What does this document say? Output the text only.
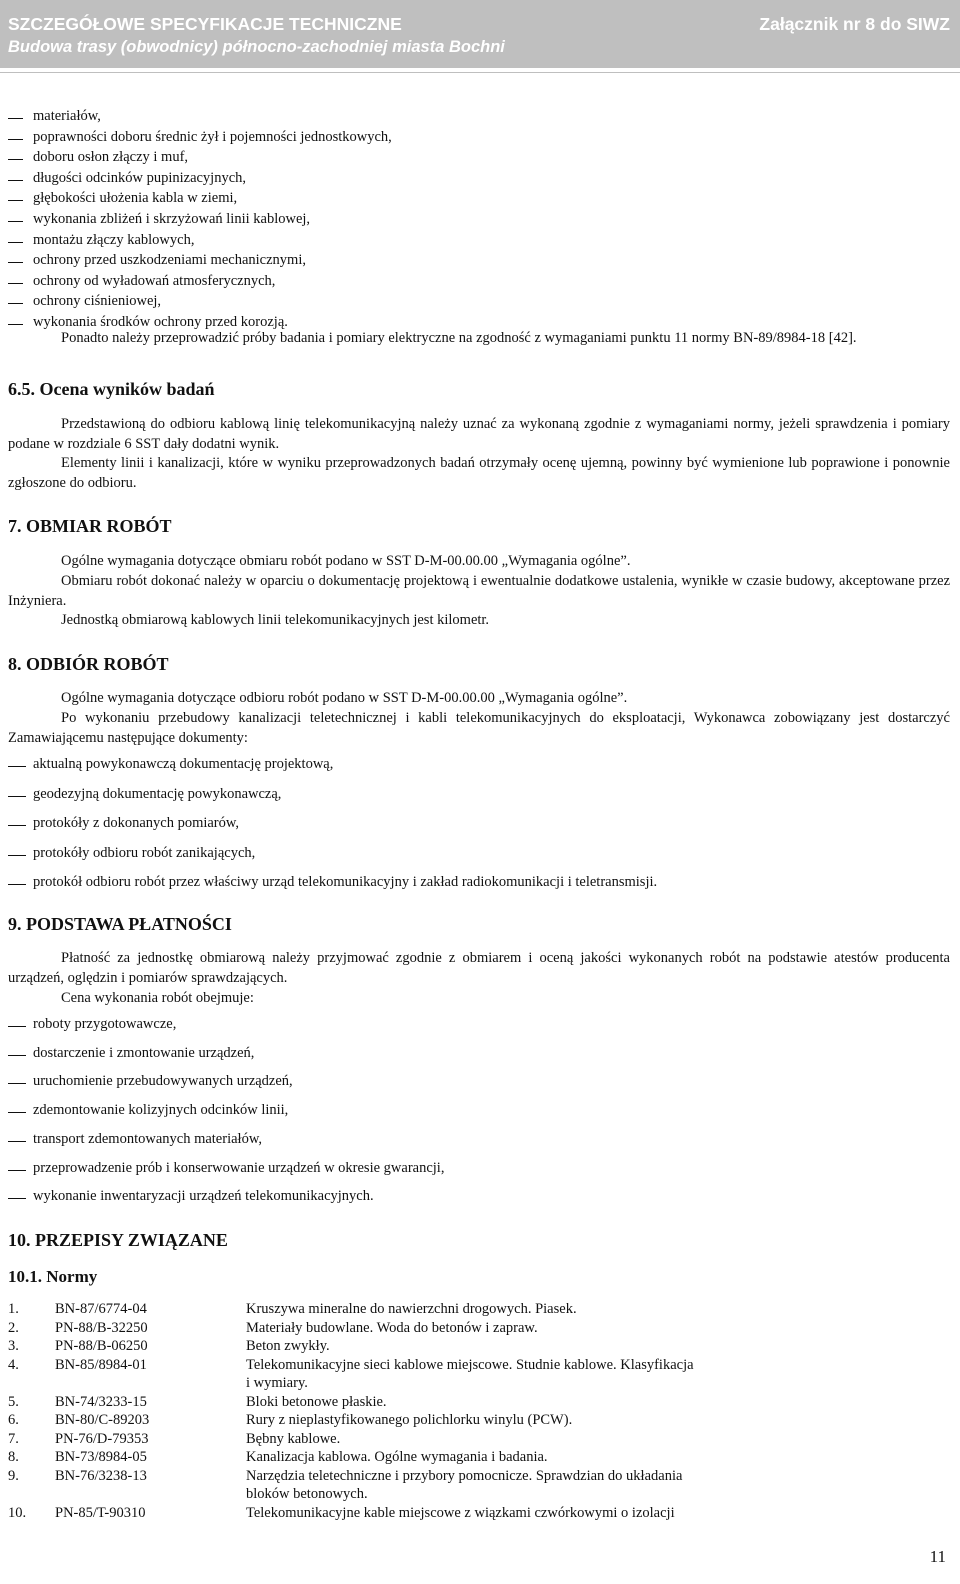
SZCZEGÓŁOWE SPECYFIKACJE TECHNICZNE
Budowa trasy (obwodnicy) północno-zachodniej miasta Bochni
Załącznik nr 8 do SIWZ
materiałów,
poprawności doboru średnic żył i pojemności jednostkowych,
doboru osłon złączy i muf,
długości odcinków pupinizacyjnych,
głębokości ułożenia kabla w ziemi,
wykonania zbliżeń i skrzyżowań linii kablowej,
montażu złączy kablowych,
ochrony przed uszkodzeniami mechanicznymi,
ochrony od wyładowań atmosferycznych,
ochrony ciśnieniowej,
wykonania środków ochrony przed korozją.
Ponadto należy przeprowadzić próby badania i pomiary elektryczne na zgodność z wymaganiami punktu 11 normy BN-89/8984-18 [42].
6.5. Ocena wyników badań
Przedstawioną do odbioru kablową linię telekomunikacyjną należy uznać za wykonaną zgodnie z wymaganiami normy, jeżeli sprawdzenia i pomiary podane w rozdziale 6 SST dały dodatni wynik.
Elementy linii i kanalizacji, które w wyniku przeprowadzonych badań otrzymały ocenę ujemną, powinny być wymienione lub poprawione i ponownie zgłoszone do odbioru.
7. OBMIAR ROBÓT
Ogólne wymagania dotyczące obmiaru robót podano w SST D-M-00.00.00 „Wymagania ogólne”.
Obmiaru robót dokonać należy w oparciu o dokumentację projektową i ewentualnie dodatkowe ustalenia, wynikłe w czasie budowy, akceptowane przez Inżyniera.
Jednostką obmiarową kablowych linii telekomunikacyjnych jest kilometr.
8. ODBIÓR ROBÓT
Ogólne wymagania dotyczące odbioru robót podano w SST D-M-00.00.00 „Wymagania ogólne”.
Po wykonaniu przebudowy kanalizacji teletechnicznej i kabli telekomunikacyjnych do eksploatacji, Wykonawca zobowiązany jest dostarczyć Zamawiającemu następujące dokumenty:
aktualną powykonawczą dokumentację projektową,
geodezyjną dokumentację powykonawczą,
protokóły z dokonanych pomiarów,
protokóły odbioru robót zanikających,
protokół odbioru robót przez właściwy urząd telekomunikacyjny i zakład radiokomunikacji i teletransmisji.
9. PODSTAWA PŁATNOŚCI
Płatność za jednostkę obmiarową należy przyjmować zgodnie z obmiarem i oceną jakości wykonanych robót na podstawie atestów producenta urządzeń, oględzin i pomiarów sprawdzających.
Cena wykonania robót obejmuje:
roboty przygotowawcze,
dostarczenie i zmontowanie urządzeń,
uruchomienie przebudowywanych urządzeń,
zdemontowanie kolizyjnych odcinków linii,
transport zdemontowanych materiałów,
przeprowadzenie prób i konserwowanie urządzeń w okresie gwarancji,
wykonanie inwentaryzacji urządzeń telekomunikacyjnych.
10. PRZEPISY ZWIĄZANE
10.1. Normy
1. BN-87/6774-04	Kruszywa mineralne do nawierzchni drogowych. Piasek.
2. PN-88/B-32250	Materiały budowlane. Woda do betonów i zapraw.
3. PN-88/B-06250	Beton zwykły.
4. BN-85/8984-01	Telekomunikacyjne sieci kablowe miejscowe. Studnie kablowe. Klasyfikacja
i wymiary.
5. BN-74/3233-15	Bloki betonowe płaskie.
6. BN-80/C-89203	Rury z nieplastyfikowanego polichlorku winylu (PCW).
7. PN-76/D-79353	Bębny kablowe.
8. BN-73/8984-05	Kanalizacja kablowa. Ogólne wymagania i badania.
9. BN-76/3238-13	Narzędzia teletechniczne i przybory pomocnicze. Sprawdzian do układania
bloków betonowych.
10. PN-85/T-90310	Telekomunikacyjne kable miejscowe z wiązkami czwórkowymi o izolacji
11
